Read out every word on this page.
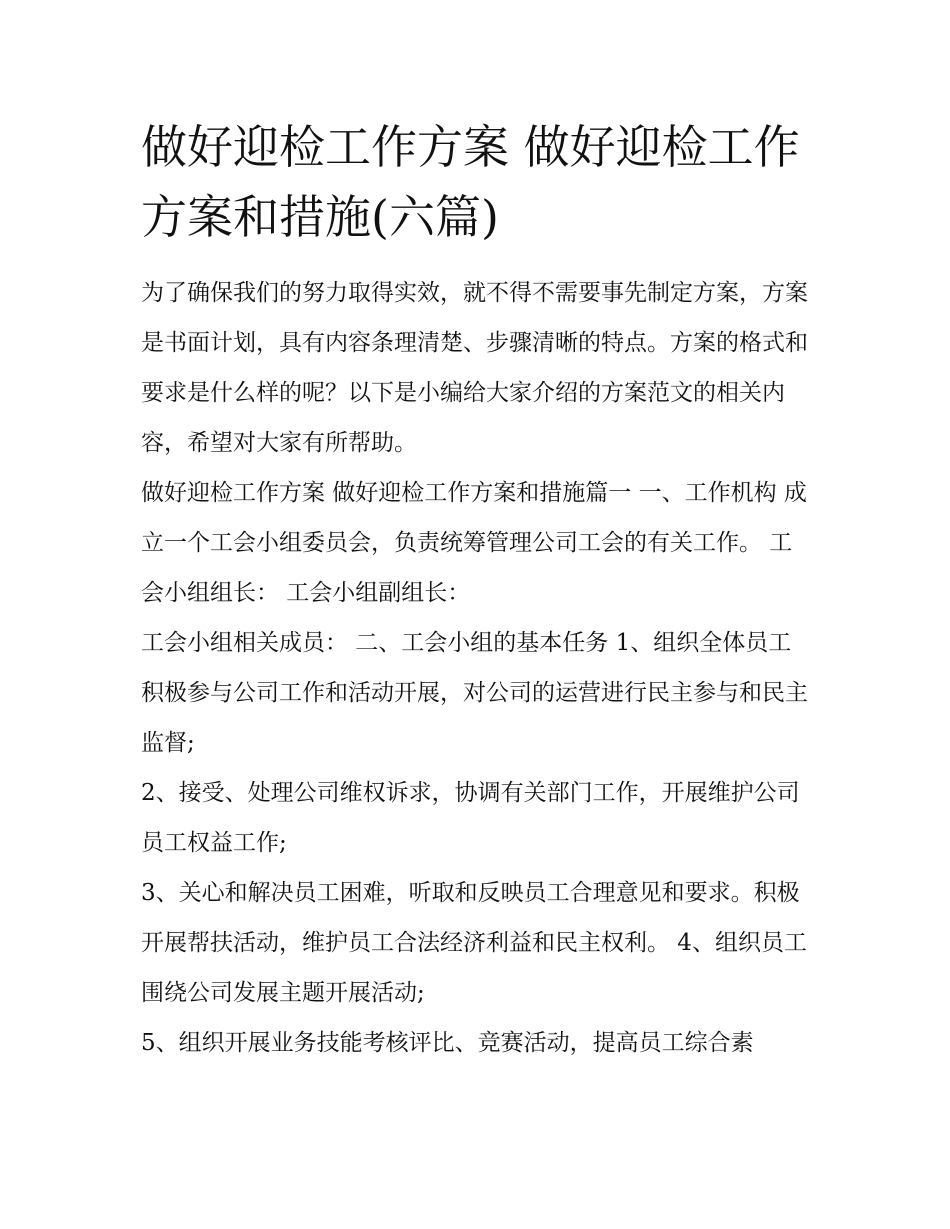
做好迎检工作方案 做好迎检工作方案和措施(六篇)

为了确保我们的努力取得实效，就不得不需要事先制定方案，方案是书面计划，具有内容条理清楚、步骤清晰的特点。方案的格式和要求是什么样的呢？以下是小编给大家介绍的方案范文的相关内容，希望对大家有所帮助。

做好迎检工作方案 做好迎检工作方案和措施篇一 一、工作机构 成立一个工会小组委员会，负责统筹管理公司工会的有关工作。 工会小组组长： 工会小组副组长：

工会小组相关成员： 二、工会小组的基本任务 1、组织全体员工积极参与公司工作和活动开展，对公司的运营进行民主参与和民主监督;

2、接受、处理公司维权诉求，协调有关部门工作，开展维护公司员工权益工作;

3、关心和解决员工困难，听取和反映员工合理意见和要求。积极开展帮扶活动，维护员工合法经济利益和民主权利。 4、组织员工围绕公司发展主题开展活动;

5、组织开展业务技能考核评比、竞赛活动，提高员工综合素
